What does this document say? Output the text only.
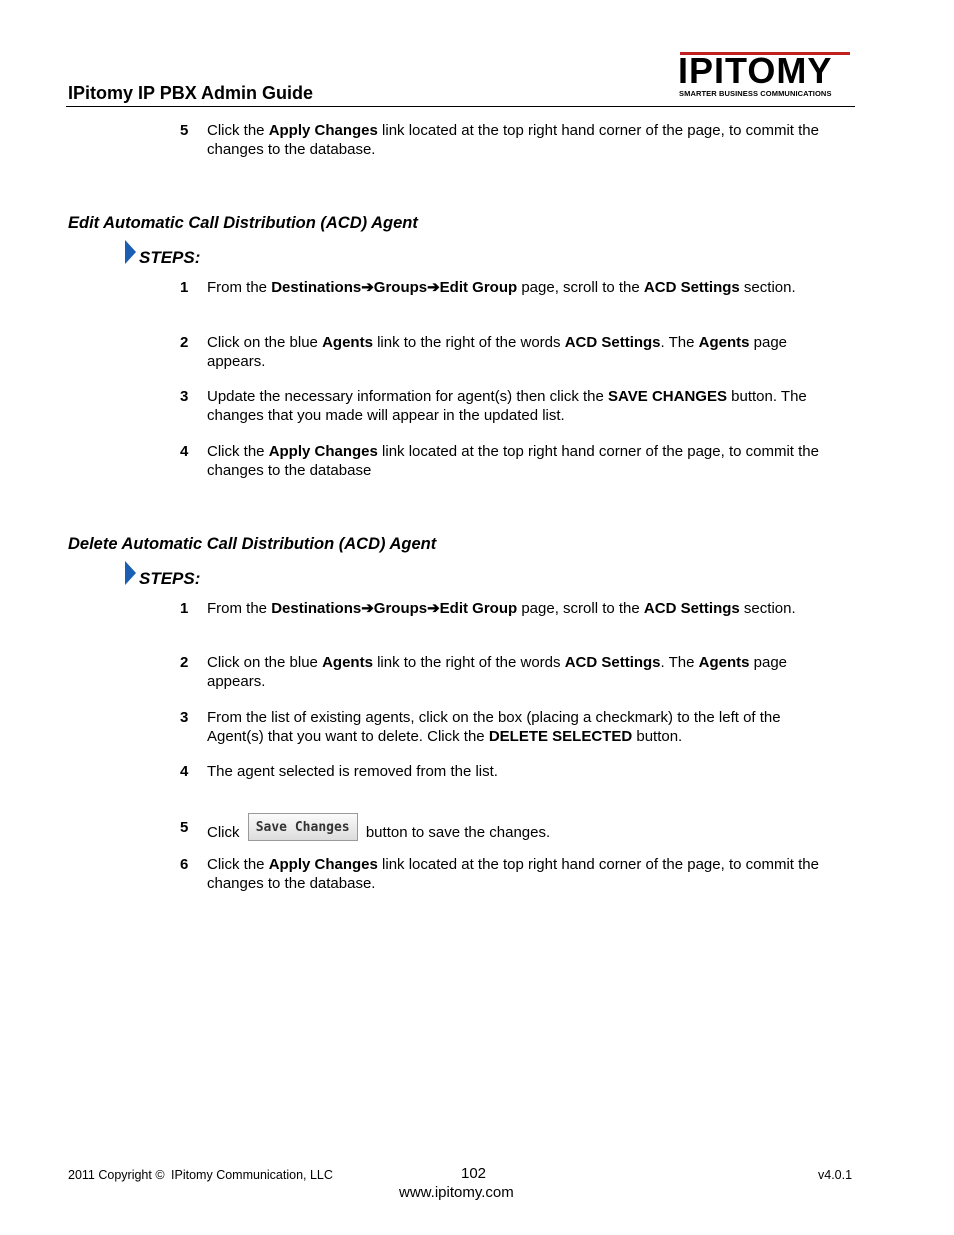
IPitomy IP PBX Admin Guide
IPITOMY
SMARTER BUSINESS COMMUNICATIONS
5 Click the Apply Changes link located at the top right hand corner of the page, to commit the changes to the database.
Edit Automatic Call Distribution (ACD) Agent
STEPS:
1 From the Destinations➔Groups➔Edit Group page, scroll to the ACD Settings section.
2 Click on the blue Agents link to the right of the words ACD Settings. The Agents page appears.
3 Update the necessary information for agent(s) then click the SAVE CHANGES button. The changes that you made will appear in the updated list.
4 Click the Apply Changes link located at the top right hand corner of the page, to commit the changes to the database
Delete Automatic Call Distribution (ACD) Agent
STEPS:
1 From the Destinations➔Groups➔Edit Group page, scroll to the ACD Settings section.
2 Click on the blue Agents link to the right of the words ACD Settings. The Agents page appears.
3 From the list of existing agents, click on the box (placing a checkmark) to the left of the Agent(s) that you want to delete. Click the DELETE SELECTED button.
4 The agent selected is removed from the list.
5 Click Save Changes button to save the changes.
6 Click the Apply Changes link located at the top right hand corner of the page, to commit the changes to the database.
2011 Copyright © IPitomy Communication, LLC	102
www.ipitomy.com
v4.0.1
